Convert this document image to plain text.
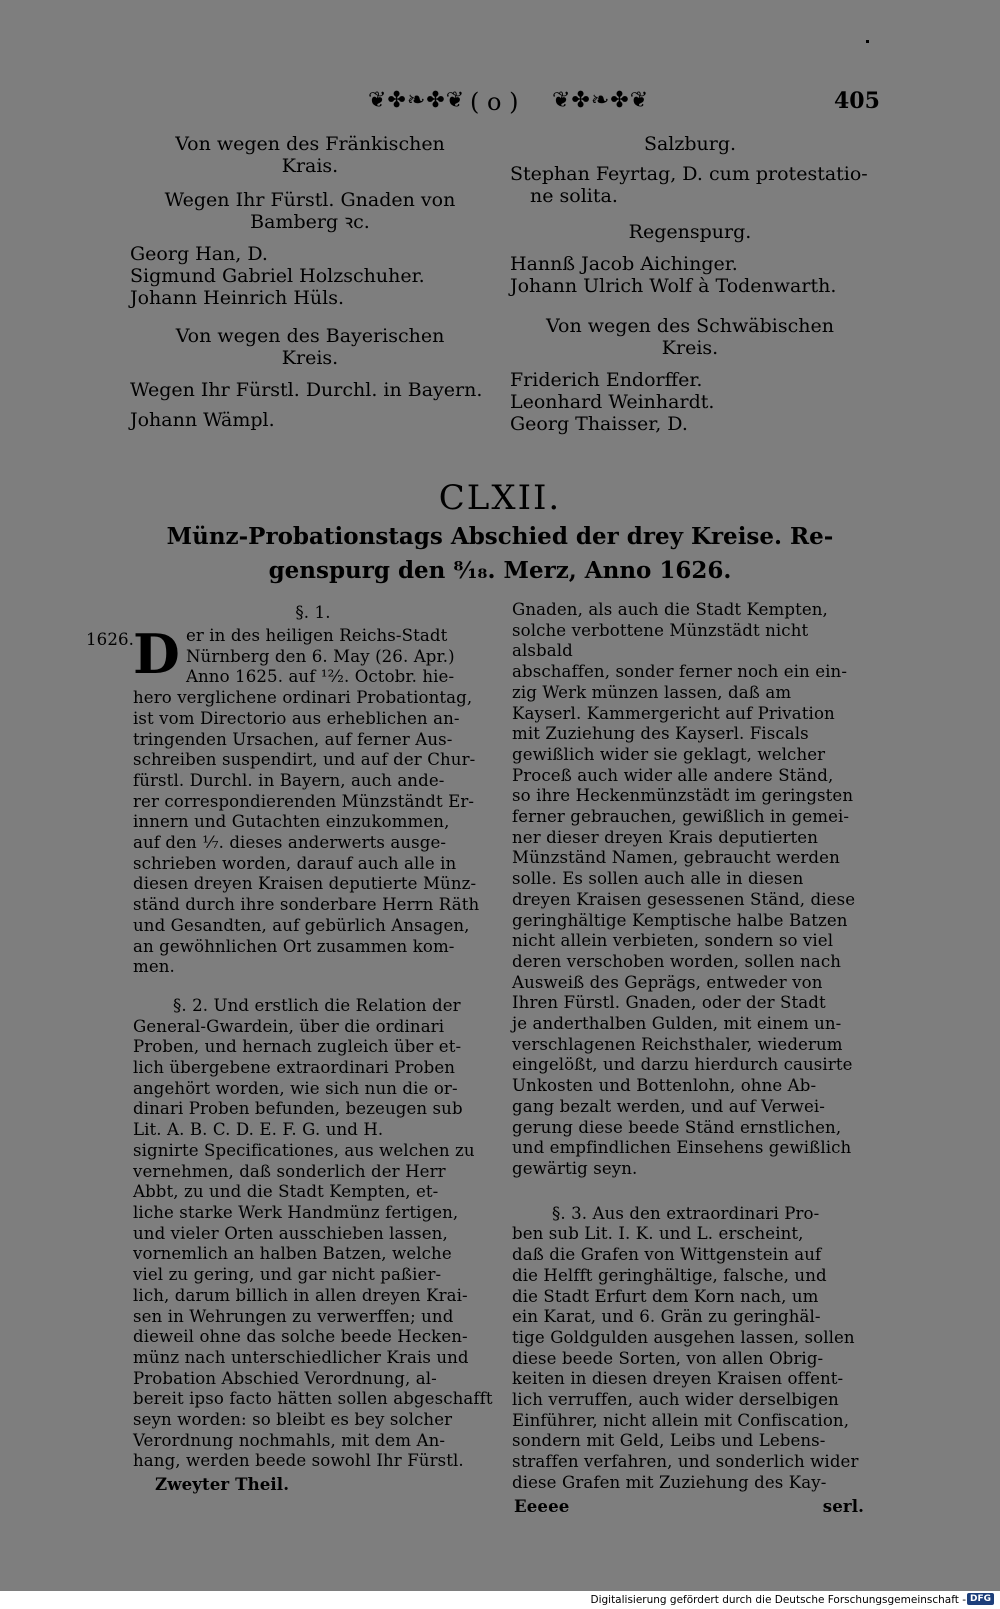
❦✤❧✤❦ ( o ) ❦✤❧✤❦	405

Von wegen des Fränkischen

Krais.

Wegen Ihr Fürstl. Gnaden von

Bamberg ꝛc.

Georg Han, D.

Sigmund Gabriel Holzschuher.

Johann Heinrich Hüls.

Von wegen des Bayerischen

Kreis.

Wegen Ihr Fürstl. Durchl. in Bayern.

Johann Wämpl.

Salzburg.

Stephan Feyrtag, D. cum protestatio-

ne solita.

Regenspurg.

Hannß Jacob Aichinger.

Johann Ulrich Wolf à Todenwarth.

Von wegen des Schwäbischen

Kreis.

Friderich Endorffer.

Leonhard Weinhardt.

Georg Thaisser, D.

CLXII.
Münz-Probationstags Abschied der drey Kreise. Re-
genspurg den ⁸⁄₁₈. Merz, Anno 1626.
1626.

§. 1.

D er in des heiligen Reichs-Stadt

Nürnberg den 6. May (26. Apr.)

Anno 1625. auf ¹²⁄₂. Octobr. hie-

hero verglichene ordinari Probationtag,

ist vom Directorio aus erheblichen an-

tringenden Ursachen, auf ferner Aus-

schreiben suspendirt, und auf der Chur-

fürstl. Durchl. in Bayern, auch ande-

rer correspondierenden Münzständt Er-

innern und Gutachten einzukommen,

auf den ¹⁄₇. dieses anderwerts ausge-

schrieben worden, darauf auch alle in

diesen dreyen Kraisen deputierte Münz-

ständ durch ihre sonderbare Herrn Räth

und Gesandten, auf gebürlich Ansagen,

an gewöhnlichen Ort zusammen kom-

men.

§. 2. Und erstlich die Relation der

General-Gwardein, über die ordinari

Proben, und hernach zugleich über et-

lich übergebene extraordinari Proben

angehört worden, wie sich nun die or-

dinari Proben befunden, bezeugen sub

Lit. A. B. C. D. E. F. G. und H.

signirte Specificationes, aus welchen zu

vernehmen, daß sonderlich der Herr

Abbt, zu und die Stadt Kempten, et-

liche starke Werk Handmünz fertigen,

und vieler Orten ausschieben lassen,

vornemlich an halben Batzen, welche

viel zu gering, und gar nicht paßier-

lich, darum billich in allen dreyen Krai-

sen in Wehrungen zu verwerffen; und

dieweil ohne das solche beede Hecken-

münz nach unterschiedlicher Krais und

Probation Abschied Verordnung, al-

bereit ipso facto hätten sollen abgeschafft

seyn worden: so bleibt es bey solcher

Verordnung nochmahls, mit dem An-

hang, werden beede sowohl Ihr Fürstl.

Zweyter Theil.

Gnaden, als auch die Stadt Kempten,

solche verbottene Münzstädt nicht alsbald

abschaffen, sonder ferner noch ein ein-

zig Werk münzen lassen, daß am

Kayserl. Kammergericht auf Privation

mit Zuziehung des Kayserl. Fiscals

gewißlich wider sie geklagt, welcher

Proceß auch wider alle andere Ständ,

so ihre Heckenmünzstädt im geringsten

ferner gebrauchen, gewißlich in gemei-

ner dieser dreyen Krais deputierten

Münzständ Namen, gebraucht werden

solle. Es sollen auch alle in diesen

dreyen Kraisen gesessenen Ständ, diese

geringhältige Kemptische halbe Batzen

nicht allein verbieten, sondern so viel

deren verschoben worden, sollen nach

Ausweiß des Geprägs, entweder von

Ihren Fürstl. Gnaden, oder der Stadt

je anderthalben Gulden, mit einem un-

verschlagenen Reichsthaler, wiederum

eingelößt, und darzu hierdurch causirte

Unkosten und Bottenlohn, ohne Ab-

gang bezalt werden, und auf Verwei-

gerung diese beede Ständ ernstlichen,

und empfindlichen Einsehens gewißlich

gewärtig seyn.

§. 3. Aus den extraordinari Pro-

ben sub Lit. I. K. und L. erscheint,

daß die Grafen von Wittgenstein auf

die Helfft geringhältige, falsche, und

die Stadt Erfurt dem Korn nach, um

ein Karat, und 6. Grän zu geringhäl-

tige Goldgulden ausgehen lassen, sollen

diese beede Sorten, von allen Obrig-

keiten in diesen dreyen Kraisen offent-

lich verruffen, auch wider derselbigen

Einführer, nicht allein mit Confiscation,

sondern mit Geld, Leibs und Lebens-

straffen verfahren, und sonderlich wider

diese Grafen mit Zuziehung des Kay-

Eeeee	serl.
Digitalisierung gefördert durch die Deutsche Forschungsgemeinschaft - DFG
